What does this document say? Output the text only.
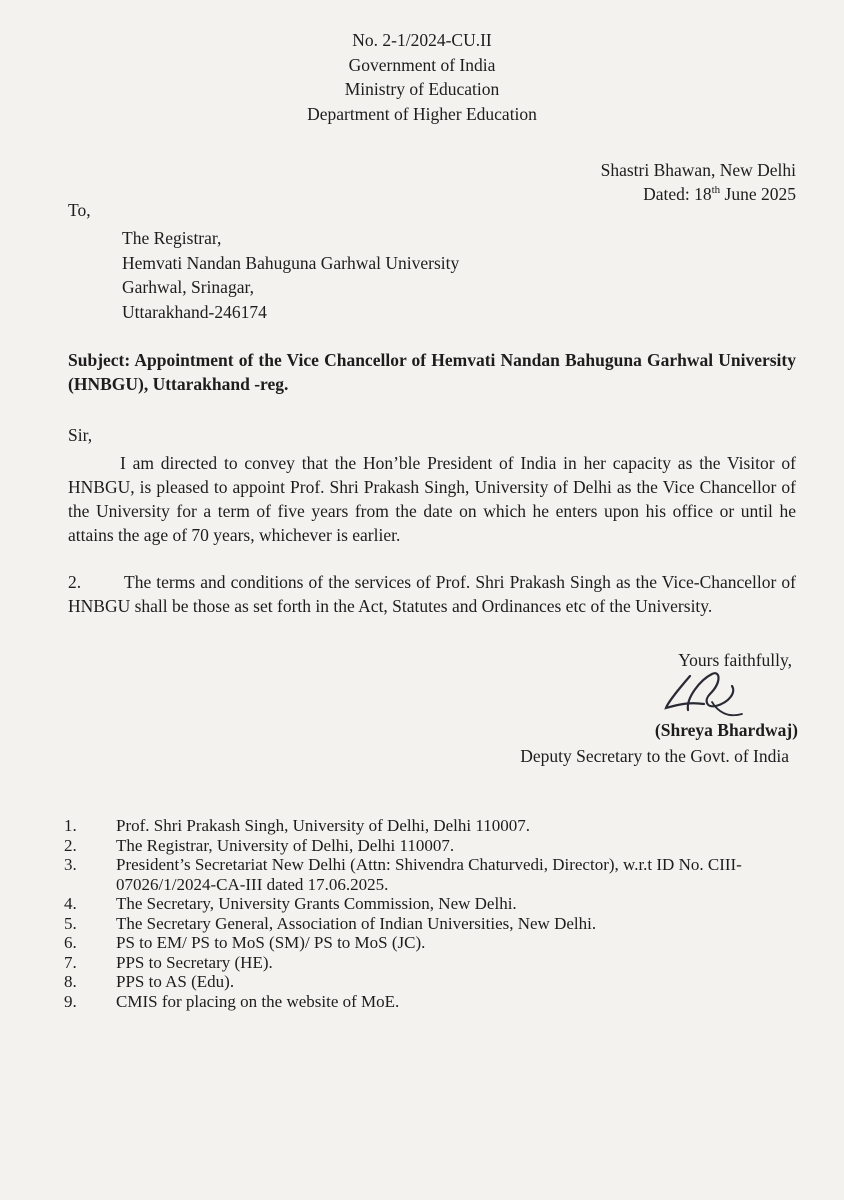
No. 2-1/2024-CU.II
Government of India
Ministry of Education
Department of Higher Education
Shastri Bhawan, New Delhi
Dated: 18th June 2025
To,
The Registrar,
Hemvati Nandan Bahuguna Garhwal University
Garhwal, Srinagar,
Uttarakhand-246174
Subject: Appointment of the Vice Chancellor of Hemvati Nandan Bahuguna Garhwal University (HNBGU), Uttarakhand -reg.
Sir,
I am directed to convey that the Hon’ble President of India in her capacity as the Visitor of HNBGU, is pleased to appoint Prof. Shri Prakash Singh, University of Delhi as the Vice Chancellor of the University for a term of five years from the date on which he enters upon his office or until he attains the age of 70 years, whichever is earlier.
2. The terms and conditions of the services of Prof. Shri Prakash Singh as the Vice-Chancellor of HNBGU shall be those as set forth in the Act, Statutes and Ordinances etc of the University.
Yours faithfully,
(Shreya Bhardwaj)
Deputy Secretary to the Govt. of India
1.	Prof. Shri Prakash Singh, University of Delhi, Delhi 110007.
2.	The Registrar, University of Delhi, Delhi 110007.
3.	President’s Secretariat New Delhi (Attn: Shivendra Chaturvedi, Director), w.r.t ID No. CIII-07026/1/2024-CA-III dated 17.06.2025.
4.	The Secretary, University Grants Commission, New Delhi.
5.	The Secretary General, Association of Indian Universities, New Delhi.
6.	PS to EM/ PS to MoS (SM)/ PS to MoS (JC).
7.	PPS to Secretary (HE).
8.	PPS to AS (Edu).
9.	CMIS for placing on the website of MoE.
